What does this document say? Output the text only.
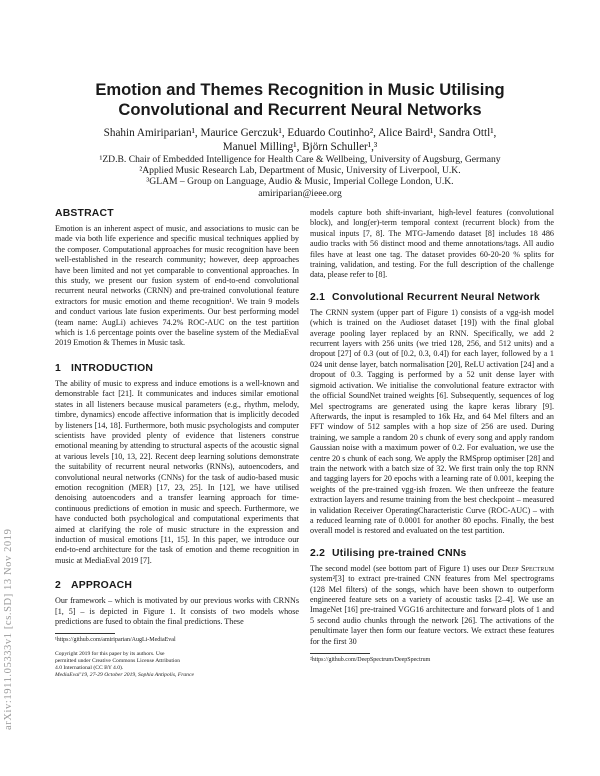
arXiv:1911.05333v1 [cs.SD] 13 Nov 2019
Emotion and Themes Recognition in Music Utilising Convolutional and Recurrent Neural Networks
Shahin Amiriparian¹, Maurice Gerczuk¹, Eduardo Coutinho², Alice Baird¹, Sandra Ottl¹,
Manuel Milling¹, Björn Schuller¹,³
¹ZD.B. Chair of Embedded Intelligence for Health Care & Wellbeing, University of Augsburg, Germany
²Applied Music Research Lab, Department of Music, University of Liverpool, U.K.
³GLAM – Group on Language, Audio & Music, Imperial College London, U.K.
amiriparian@ieee.org
ABSTRACT

Emotion is an inherent aspect of music, and associations to music can be made via both life experience and specific musical techniques applied by the composer. Computational approaches for music recognition have been well-established in the research community; however, deep approaches have been limited and not yet comparable to conventional approaches. In this study, we present our fusion system of end-to-end convolutional recurrent neural networks (CRNN) and pre-trained convolutional feature extractors for music emotion and theme recognition¹. We train 9 models and conduct various late fusion experiments. Our best performing model (team name: AugLi) achieves 74.2% ROC-AUC on the test partition which is 1.6 percentage points over the baseline system of the MediaEval 2019 Emotion & Themes in Music task.

1 INTRODUCTION

The ability of music to express and induce emotions is a well-known and demonstrable fact [21]. It communicates and induces similar emotional states in all listeners because musical parameters (e.g., rhythm, melody, timbre, dynamics) encode affective information that is implicitly decoded by listeners [14, 18]. Furthermore, both music psychologists and computer scientists have provided plenty of evidence that listeners construe emotional meaning by attending to structural aspects of the acoustic signal at various levels [10, 13, 22]. Recent deep learning solutions demonstrate the suitability of recurrent neural networks (RNNs), autoencoders, and convolutional neural networks (CNNs) for the task of audio-based music emotion recognition (MER) [17, 23, 25]. In [12], we have utilised denoising autoencoders and a transfer learning approach for time-continuous predictions of emotion in music and speech. Furthermore, we have conducted both psychological and computational experiments that aimed at clarifying the role of music structure in the expression and induction of musical emotions [11, 15]. In this paper, we introduce our end-to-end architecture for the task of emotion and theme recognition in music at MediaEval 2019 [7].

2 APPROACH

Our framework – which is motivated by our previous works with CRNNs [1, 5] – is depicted in Figure 1. It consists of two models whose predictions are fused to obtain the final predictions. These

¹https://github.com/amiriparian/AugLi-MediaEval

Copyright 2019 for this paper by its authors. Use

permitted under Creative Commons License Attribution

4.0 International (CC BY 4.0).

MediaEval’19, 27-29 October 2019, Sophia Antipolis, France

models capture both shift-invariant, high-level features (convolutional block), and long(er)-term temporal context (recurrent block) from the musical inputs [7, 8]. The MTG-Jamendo dataset [8] includes 18 486 audio tracks with 56 distinct mood and theme annotations/tags. All audio files have at least one tag. The dataset provides 60-20-20 % splits for training, validation, and testing. For the full description of the challenge data, please refer to [8].

2.1 Convolutional Recurrent Neural Network

The CRNN system (upper part of Figure 1) consists of a vgg-ish model (which is trained on the Audioset dataset [19]) with the final global average pooling layer replaced by an RNN. Specifically, we add 2 recurrent layers with 256 units (we tried 128, 256, and 512 units) and a dropout [27] of 0.3 (out of [0.2, 0.3, 0.4]) for each layer, followed by a 1 024 unit dense layer, batch normalisation [20], ReLU activation [24] and a dropout of 0.3. Tagging is performed by a 52 unit dense layer with sigmoid activation. We initialise the convolutional feature extractor with the official SoundNet trained weights [6]. Subsequently, sequences of log Mel spectrograms are generated using the kapre keras library [9]. Afterwards, the input is resampled to 16k Hz, and 64 Mel filters and an FFT window of 512 samples with a hop size of 256 are used. During training, we sample a random 20 s chunk of every song and apply random Gaussian noise with a maximum power of 0.2. For evaluation, we use the centre 20 s chunk of each song. We apply the RMSprop optimiser [28] and train the network with a batch size of 32. We first train only the top RNN and tagging layers for 20 epochs with a learning rate of 0.001, keeping the weights of the pre-trained vgg-ish frozen. We then unfreeze the feature extraction layers and resume training from the best checkpoint – measured in validation Receiver OperatingCharacteristic Curve (ROC-AUC) – with a reduced learning rate of 0.0001 for another 80 epochs. Finally, the best overall model is restored and evaluated on the test partition.

2.2 Utilising pre-trained CNNs

The second model (see bottom part of Figure 1) uses our Deep Spectrum system²[3] to extract pre-trained CNN features from Mel spectrograms (128 Mel filters) of the songs, which have been shown to outperform engineered feature sets on a variety of acoustic tasks [2–4]. We use an ImageNet [16] pre-trained VGG16 architecture and forward plots of 1 and 5 second audio chunks through the network [26]. The activations of the penultimate layer then form our feature vectors. We extract these features for the first 30

²https://github.com/DeepSpectrum/DeepSpectrum
